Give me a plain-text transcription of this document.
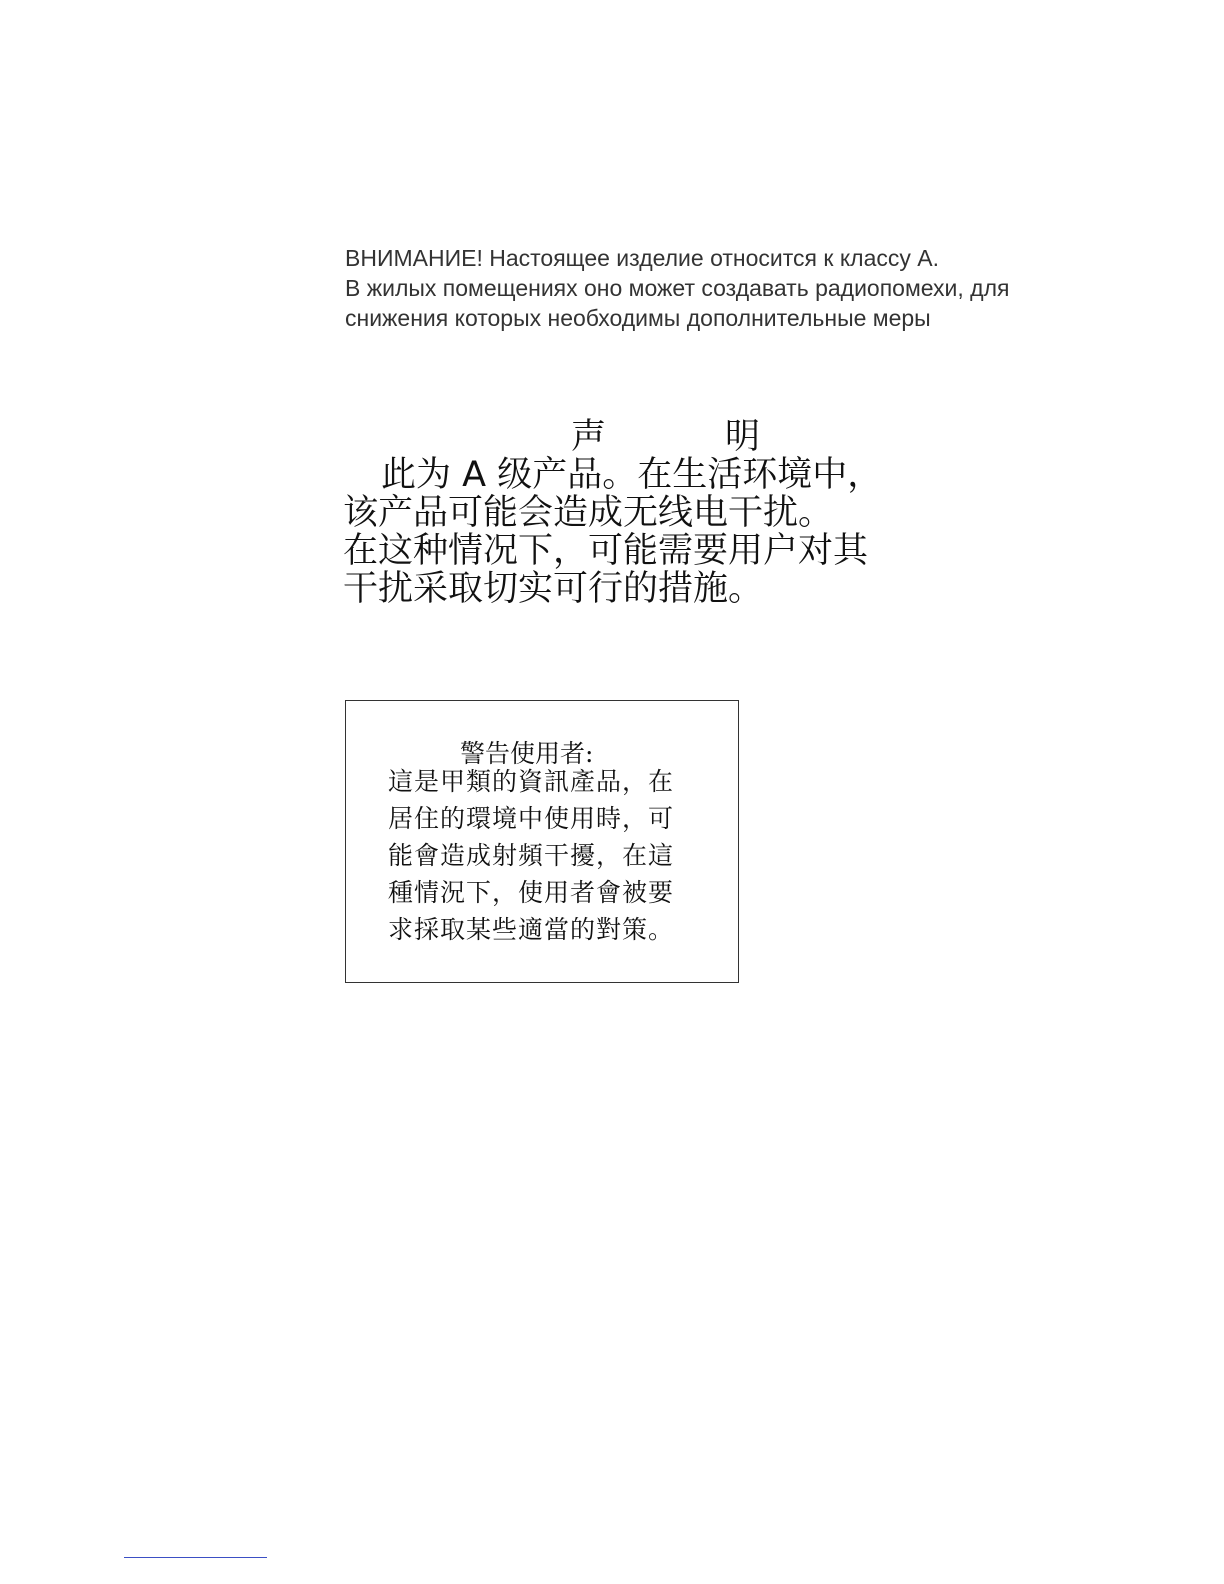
ВНИМАНИЕ! Настоящее изделие относится к классу А.
В жилых помещениях оно может создавать радиопомехи, для
снижения которых необходимы дополнительные меры
声	明
此为 A 级产品。在生活环境中，
该产品可能会造成无线电干扰。
在这种情况下，可能需要用户对其
干扰采取切实可行的措施。
警告使用者:
這是甲類的資訊產品，在
居住的環境中使用時，可
能會造成射頻干擾，在這
種情況下，使用者會被要
求採取某些適當的對策。
